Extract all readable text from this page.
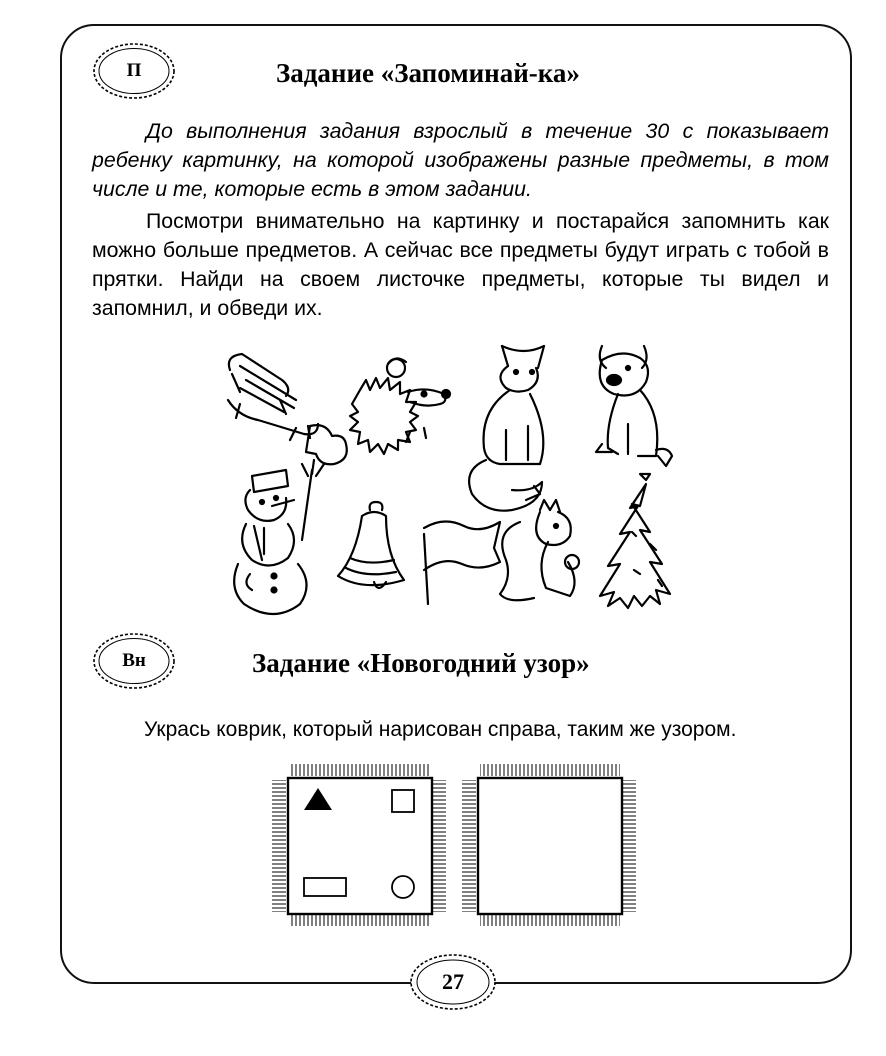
П	Задание «Запоминай-ка»

До выполнения задания взрослый в течение 30 с показывает ребенку картинку, на которой изображены разные предметы, в том числе и те, которые есть в этом задании.

Посмотри внимательно на картинку и постарайся запомнить как можно больше предметов. А сейчас все предметы будут играть с тобой в прятки. Найди на своем листочке предметы, которые ты видел и запомнил, и обведи их.

Вн	Задание «Новогодний узор»
Укрась коврик, который нарисован справа, таким же узором.
27
